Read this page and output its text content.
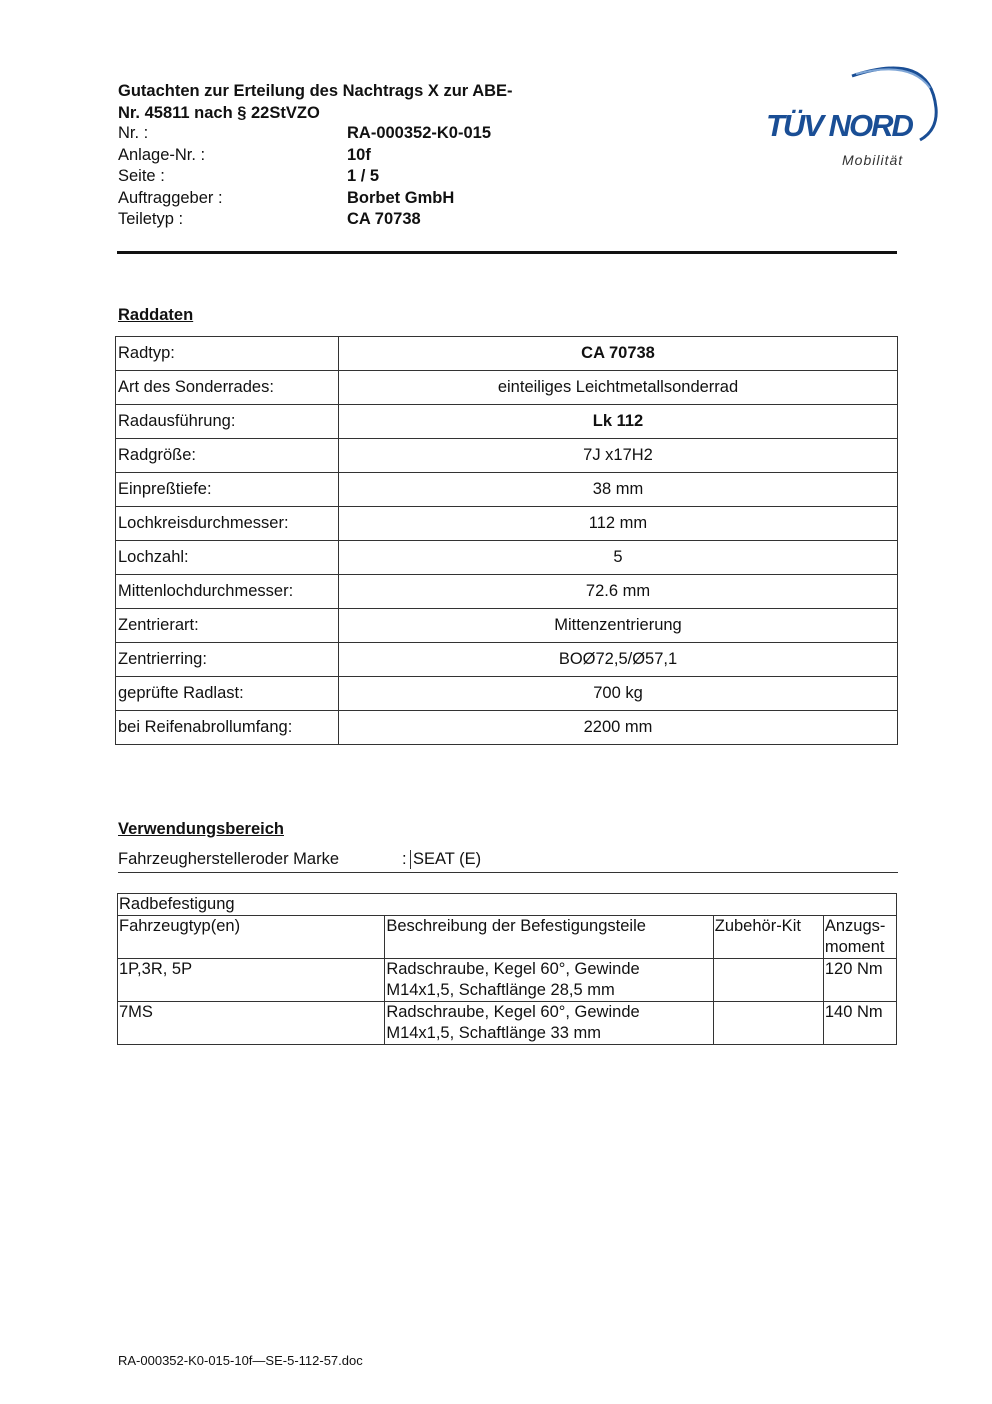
Gutachten zur Erteilung des Nachtrags X zur ABE-
Nr. 45811 nach § 22StVZO
Nr. :	RA-000352-K0-015
Anlage-Nr. :	10f
Seite :	1 / 5
Auftraggeber :	Borbet GmbH
Teiletyp :	CA 70738
TÜV NORD
Mobilität
Raddaten
Radtyp:	CA 70738
Art des Sonderrades:	einteiliges Leichtmetallsonderrad
Radausführung:	Lk 112
Radgröße:	7J x17H2
Einpreßtiefe:	38 mm
Lochkreisdurchmesser:	112 mm
Lochzahl:	5
Mittenlochdurchmesser:	72.6 mm
Zentrierart:	Mittenzentrierung
Zentrierring:	BOØ72,5/Ø57,1
geprüfte Radlast:	700 kg
bei Reifenabrollumfang:	2200 mm
Verwendungsbereich
Fahrzeugherstelleroder Marke	: SEAT (E)
Radbefestigung			
Fahrzeugtyp(en)	Beschreibung der Befestigungsteile	Zubehör-Kit	Anzugs-
moment

1P,3R, 5P	Radschraube, Kegel 60°, Gewinde
M14x1,5, Schaftlänge 28,5 mm		120 Nm
7MS	Radschraube, Kegel 60°, Gewinde
M14x1,5, Schaftlänge 33 mm		140 Nm
RA-000352-K0-015-10f—SE-5-112-57.doc
